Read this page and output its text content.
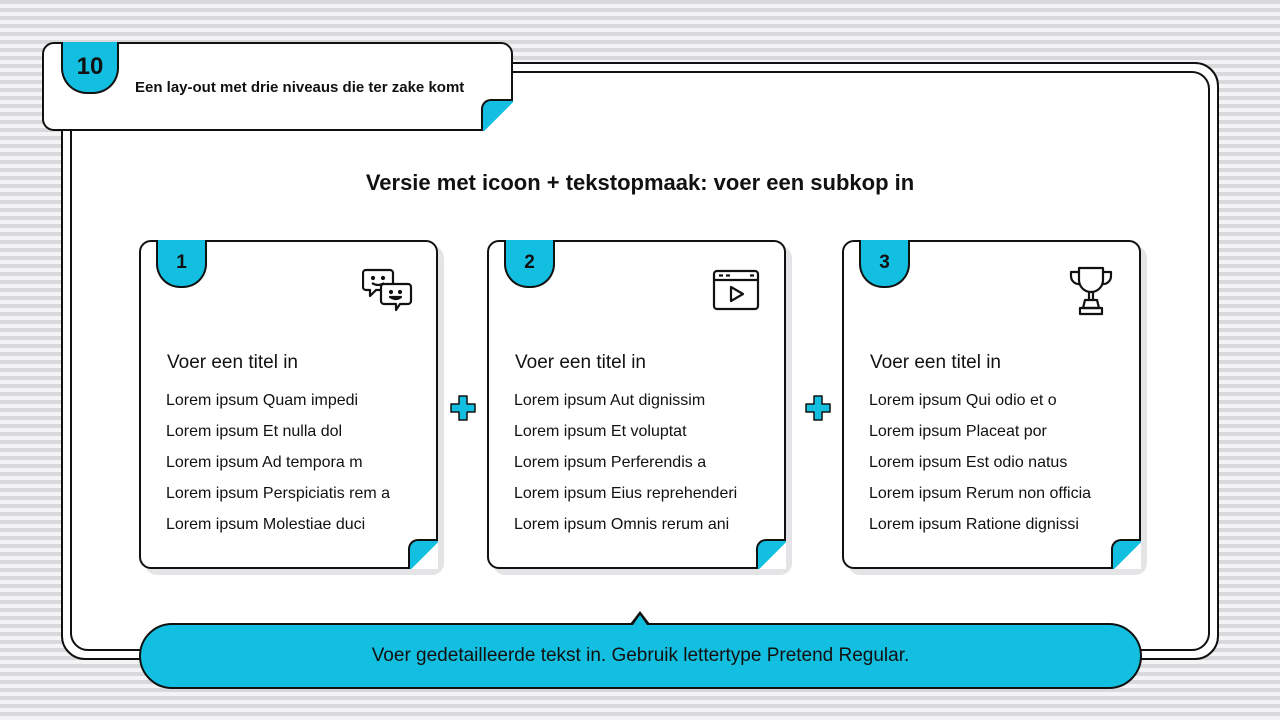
10
Een lay-out met drie niveaus die ter zake komt
Versie met icoon + tekstopmaak: voer een subkop in
1
Voer een titel in
Lorem ipsum Quam impedi
Lorem ipsum Et nulla dol
Lorem ipsum Ad tempora m
Lorem ipsum Perspiciatis rem a
Lorem ipsum Molestiae duci
2
Voer een titel in
Lorem ipsum Aut dignissim
Lorem ipsum Et voluptat
Lorem ipsum Perferendis a
Lorem ipsum Eius reprehenderi
Lorem ipsum Omnis rerum ani
3
Voer een titel in
Lorem ipsum Qui odio et o
Lorem ipsum Placeat por
Lorem ipsum Est odio natus
Lorem ipsum Rerum non officia
Lorem ipsum Ratione dignissi
Voer gedetailleerde tekst in. Gebruik lettertype Pretend Regular.
